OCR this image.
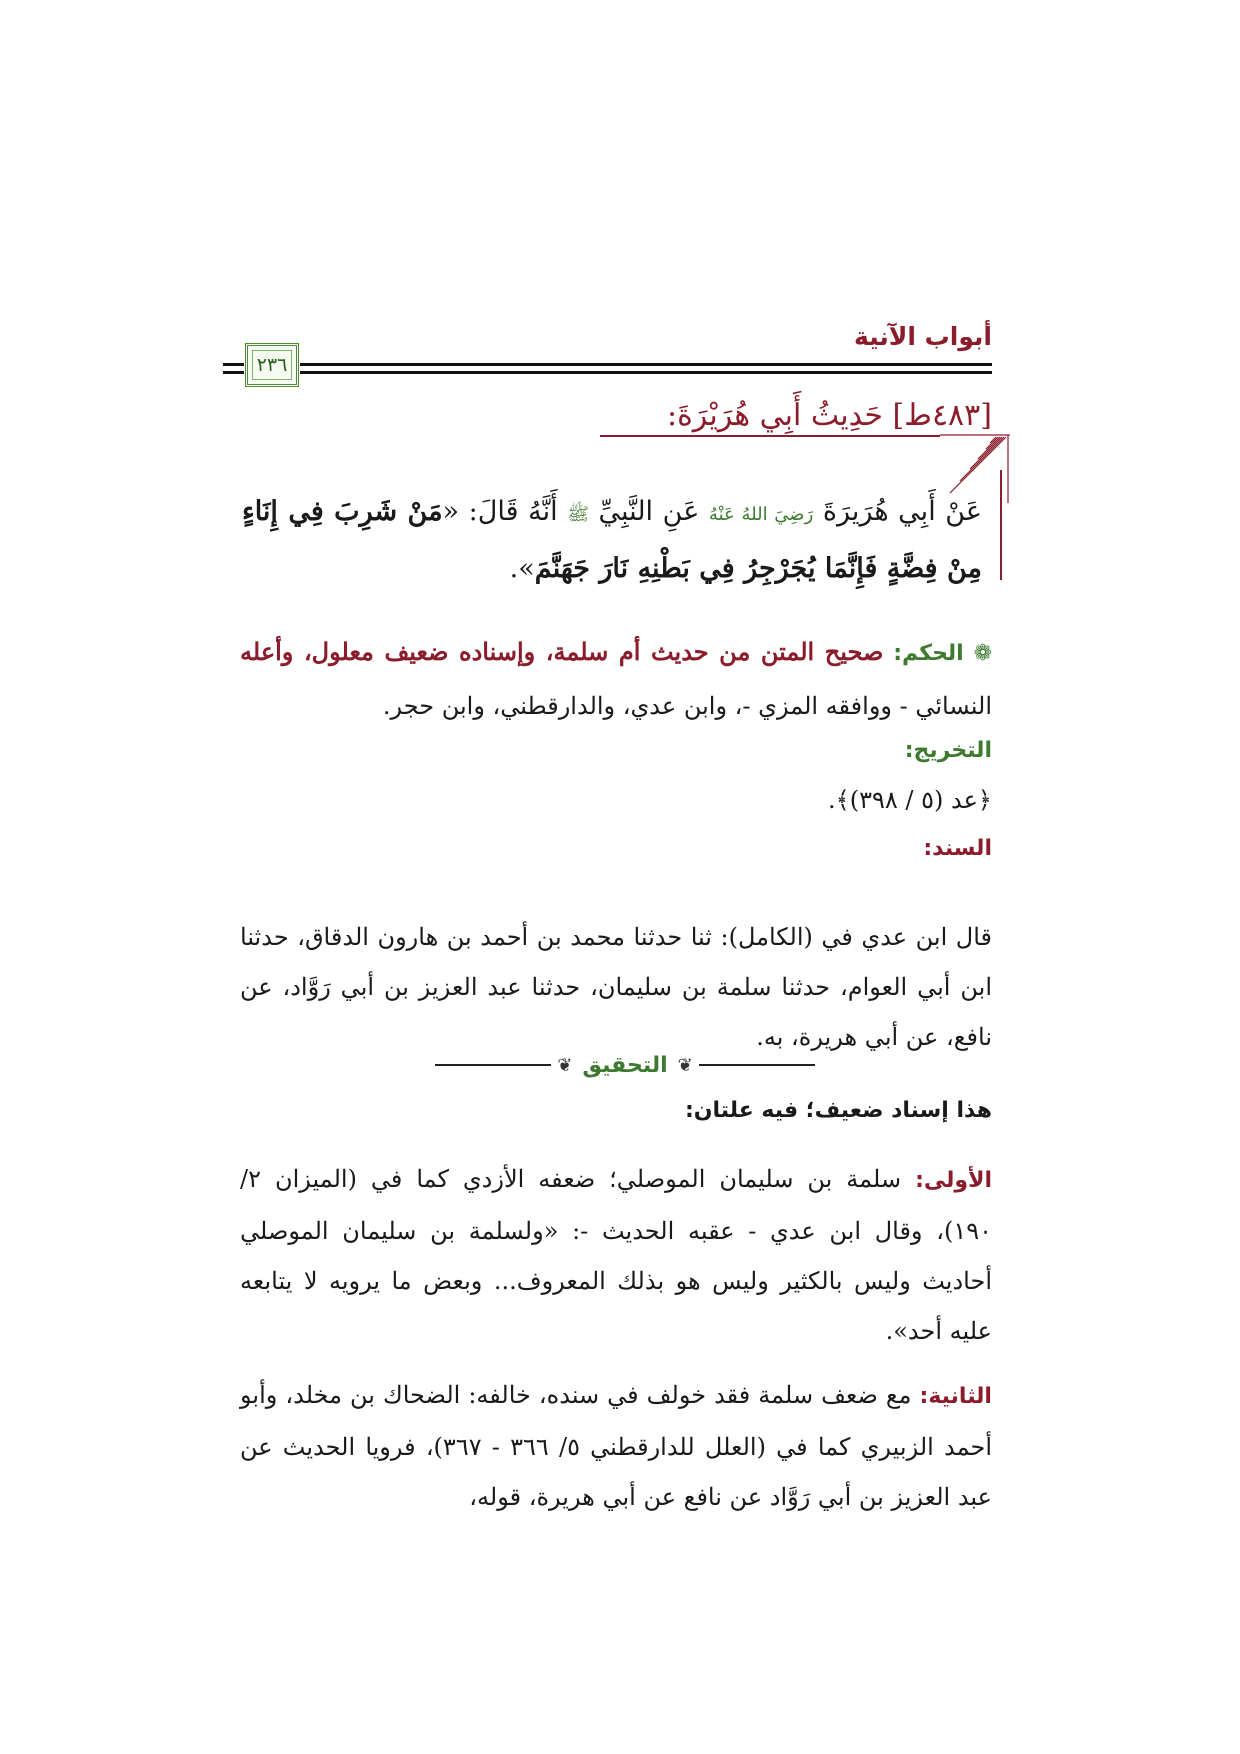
أبواب الآنية
٢٣٦
[٤٨٣ط] حَدِيثُ أَبِي هُرَيْرَةَ:
عَنْ أَبِي هُرَيرَةَ رَضِيَ اللهُ عَنْهُ عَنِ النَّبِيِّ ﷺ أَنَّهُ قَالَ: «مَنْ شَرِبَ فِي إِنَاءٍ مِنْ فِضَّةٍ فَإِنَّمَا يُجَرْجِرُ فِي بَطْنِهِ نَارَ جَهَنَّمَ».
❁ الحكم: صحيح المتن من حديث أم سلمة، وإسناده ضعيف معلول، وأعله النسائي - ووافقه المزي -، وابن عدي، والدارقطني، وابن حجر.
التخريج:
﴿عد (٥ / ٣٩٨)﴾.
السند:
قال ابن عدي في (الكامل): ثنا حدثنا محمد بن أحمد بن هارون الدقاق، حدثنا ابن أبي العوام، حدثنا سلمة بن سليمان، حدثنا عبد العزيز بن أبي رَوَّاد، عن نافع، عن أبي هريرة، به.
❦
التحقيق
❦
هذا إسناد ضعيف؛ فيه علتان:
الأولى: سلمة بن سليمان الموصلي؛ ضعفه الأزدي كما في (الميزان ٢/ ١٩٠)، وقال ابن عدي - عقبه الحديث -: «ولسلمة بن سليمان الموصلي أحاديث وليس بالكثير وليس هو بذلك المعروف... وبعض ما يرويه لا يتابعه عليه أحد».
الثانية: مع ضعف سلمة فقد خولف في سنده، خالفه: الضحاك بن مخلد، وأبو أحمد الزبيري كما في (العلل للدارقطني ٥/ ٣٦٦ - ٣٦٧)، فرويا الحديث عن عبد العزيز بن أبي رَوَّاد عن نافع عن أبي هريرة، قوله،
